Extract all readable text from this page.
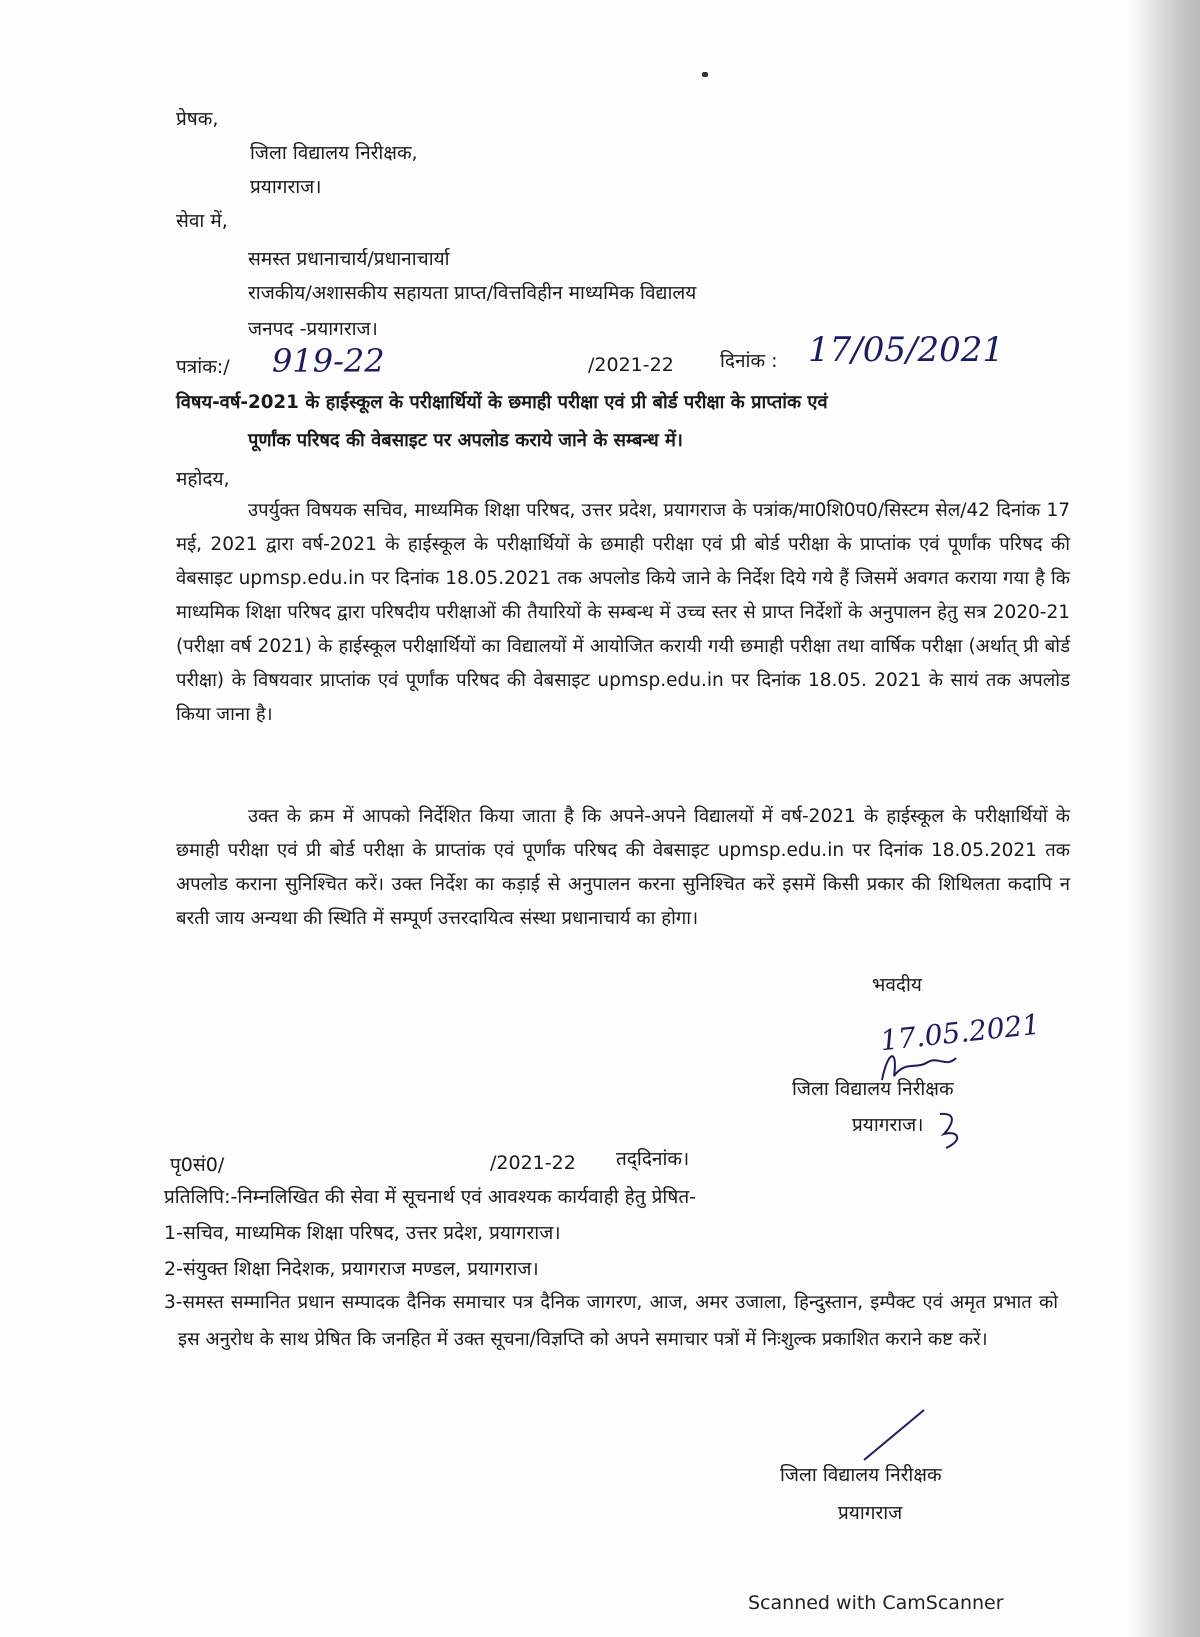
प्रेषक,
जिला विद्यालय निरीक्षक,
प्रयागराज।
सेवा में,
समस्त प्रधानाचार्य/प्रधानाचार्या
राजकीय/अशासकीय सहायता प्राप्त/वित्तविहीन माध्यमिक विद्यालय
जनपद -प्रयागराज।
पत्रांक:/ 919-22	/2021-22 दिनांक : 17/05/2021
विषय-वर्ष-2021 के हाईस्कूल के परीक्षार्थियों के छमाही परीक्षा एवं प्री बोर्ड परीक्षा के प्राप्तांक एवं
पूर्णांक परिषद की वेबसाइट पर अपलोड कराये जाने के सम्बन्ध में।
महोदय,
उपर्युक्त विषयक सचिव, माध्यमिक शिक्षा परिषद, उत्तर प्रदेश, प्रयागराज के पत्रांक/मा0शि0प0/सिस्टम सेल/42 दिनांक 17 मई, 2021 द्वारा वर्ष-2021 के हाईस्कूल के परीक्षार्थियों के छमाही परीक्षा एवं प्री बोर्ड परीक्षा के प्राप्तांक एवं पूर्णांक परिषद की वेबसाइट upmsp.edu.in पर दिनांक 18.05.2021 तक अपलोड किये जाने के निर्देश दिये गये हैं जिसमें अवगत कराया गया है कि माध्यमिक शिक्षा परिषद द्वारा परिषदीय परीक्षाओं की तैयारियों के सम्बन्ध में उच्च स्तर से प्राप्त निर्देशों के अनुपालन हेतु सत्र 2020-21 (परीक्षा वर्ष 2021) के हाईस्कूल परीक्षार्थियों का विद्यालयों में आयोजित करायी गयी छमाही परीक्षा तथा वार्षिक परीक्षा (अर्थात् प्री बोर्ड परीक्षा) के विषयवार प्राप्तांक एवं पूर्णांक परिषद की वेबसाइट upmsp.edu.in पर दिनांक 18.05. 2021 के सायं तक अपलोड किया जाना है।
उक्त के क्रम में आपको निर्देशित किया जाता है कि अपने-अपने विद्यालयों में वर्ष-2021 के हाईस्कूल के परीक्षार्थियों के छमाही परीक्षा एवं प्री बोर्ड परीक्षा के प्राप्तांक एवं पूर्णांक परिषद की वेबसाइट upmsp.edu.in पर दिनांक 18.05.2021 तक अपलोड कराना सुनिश्चित करें। उक्त निर्देश का कड़ाई से अनुपालन करना सुनिश्चित करें इसमें किसी प्रकार की शिथिलता कदापि न बरती जाय अन्यथा की स्थिति में सम्पूर्ण उत्तरदायित्व संस्था प्रधानाचार्य का होगा।
भवदीय
17.05.2021
जिला विद्यालय निरीक्षक
प्रयागराज।
पृ0सं0/	/2021-22 तद्‌दिनांक।
प्रतिलिपि:-निम्नलिखित की सेवा में सूचनार्थ एवं आवश्यक कार्यवाही हेतु प्रेषित-
1-सचिव, माध्यमिक शिक्षा परिषद, उत्तर प्रदेश, प्रयागराज।
2-संयुक्त शिक्षा निदेशक, प्रयागराज मण्डल, प्रयागराज।
3-समस्त सम्मानित प्रधान सम्पादक दैनिक समाचार पत्र दैनिक जागरण, आज, अमर उजाला, हिन्दुस्तान, इम्पैक्ट एवं अमृत प्रभात को इस अनुरोध के साथ प्रेषित कि जनहित में उक्त सूचना/विज्ञप्ति को अपने समाचार पत्रों में निःशुल्क प्रकाशित कराने कष्ट करें।
जिला विद्यालय निरीक्षक
प्रयागराज
Scanned with CamScanner
